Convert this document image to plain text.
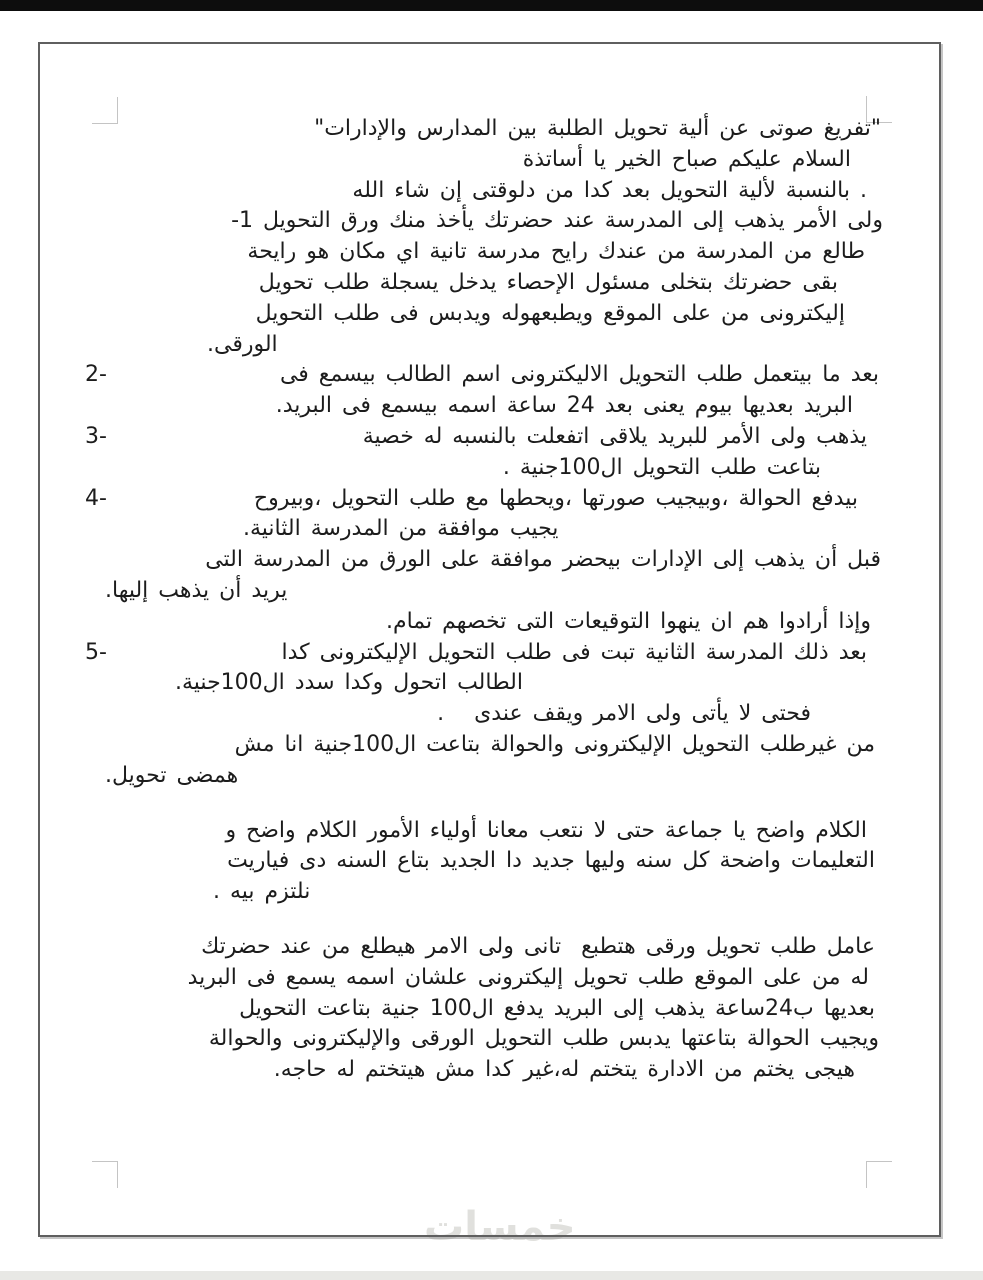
خمسات
"تفريغ صوتى عن ألية تحويل الطلبة بين المدارس والإدارات"
السلام عليكم صباح الخير يا أساتذة
. بالنسبة لألية التحويل بعد كدا من دلوقتى إن شاء الله
ولى الأمر يذهب إلى المدرسة عند حضرتك يأخذ منك ورق التحويل -1
طالع من المدرسة من عندك رايح مدرسة تانية اي مكان هو رايحة
بقى حضرتك بتخلى مسئول الإحصاء يدخل يسجلة طلب تحويل
إليكترونى من على الموقع ويطبعهوله ويدبس فى طلب التحويل
الورقى.
2-	بعد ما بيتعمل طلب التحويل الاليكترونى اسم الطالب بيسمع فى
البريد بعديها بيوم يعنى بعد 24 ساعة اسمه بيسمع فى البريد.
3-	يذهب ولى الأمر للبريد يلاقى اتفعلت بالنسبه له خصية
بتاعت طلب التحويل ال100جنية .
4-	بيدفع الحوالة ،وبيجيب صورتها ،ويحطها مع طلب التحويل ،وبيروح
يجيب موافقة من المدرسة الثانية.
قبل أن يذهب إلى الإدارات بيحضر موافقة على الورق من المدرسة التى
يريد أن يذهب إليها.
وإذا أرادوا هم ان ينهوا التوقيعات التى تخصهم تمام.
5-	بعد ذلك المدرسة الثانية تبت فى طلب التحويل الإليكترونى كدا
الطالب اتحول وكدا سدد ال100جنية.
فحتى لا يأتى ولى الامر ويقف عندى   .
من غيرطلب التحويل الإليكترونى والحوالة بتاعت ال100جنية انا مش
همضى تحويل.
الكلام واضح يا جماعة حتى لا نتعب معانا أولياء الأمور الكلام واضح و
التعليمات واضحة كل سنه وليها جديد دا الجديد بتاع السنه دى فياريت
نلتزم بيه .
عامل طلب تحويل ورقى هتطبع  تانى ولى الامر هيطلع من عند حضرتك
له من على الموقع طلب تحويل إليكترونى علشان اسمه يسمع فى البريد
بعديها ب24ساعة يذهب إلى البريد يدفع ال100 جنية بتاعت التحويل
ويجيب الحوالة بتاعتها يدبس طلب التحويل الورقى والإليكترونى والحوالة
هيجى يختم من الادارة يتختم له،غير كدا مش هيتختم له حاجه.
